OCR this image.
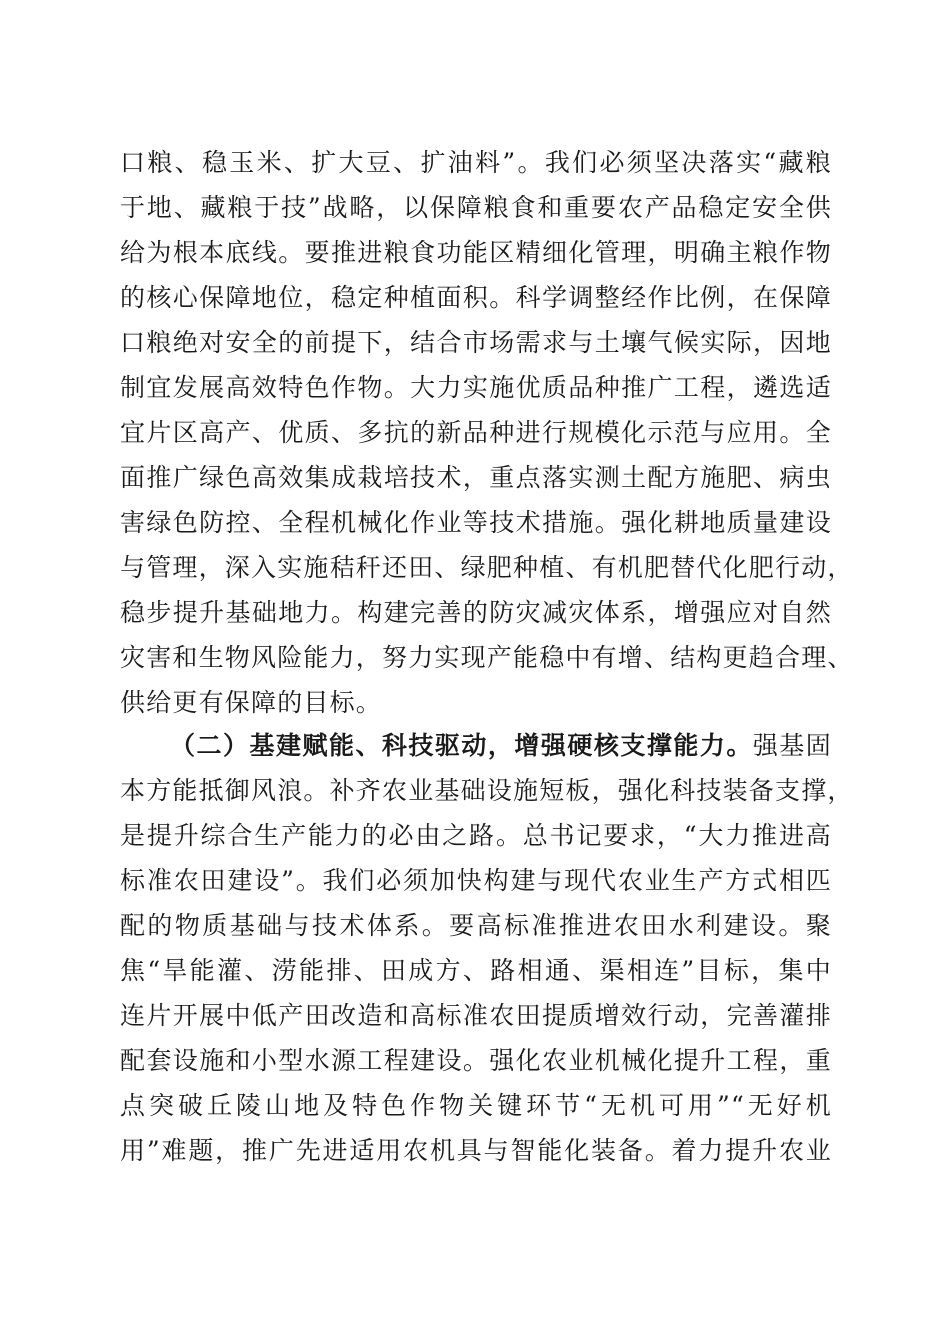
口粮、稳玉米、扩大豆、扩油料”。我们必须坚决落实“藏粮
于地、藏粮于技”战略，以保障粮食和重要农产品稳定安全供
给为根本底线。要推进粮食功能区精细化管理，明确主粮作物
的核心保障地位，稳定种植面积。科学调整经作比例，在保障
口粮绝对安全的前提下，结合市场需求与土壤气候实际，因地
制宜发展高效特色作物。大力实施优质品种推广工程，遴选适
宜片区高产、优质、多抗的新品种进行规模化示范与应用。全
面推广绿色高效集成栽培技术，重点落实测土配方施肥、病虫
害绿色防控、全程机械化作业等技术措施。强化耕地质量建设
与管理，深入实施秸秆还田、绿肥种植、有机肥替代化肥行动，
稳步提升基础地力。构建完善的防灾减灾体系，增强应对自然
灾害和生物风险能力，努力实现产能稳中有增、结构更趋合理、
供给更有保障的目标。
（二）基建赋能、科技驱动，增强硬核支撑能力。强基固
本方能抵御风浪。补齐农业基础设施短板，强化科技装备支撑，
是提升综合生产能力的必由之路。总书记要求，“大力推进高
标准农田建设”。我们必须加快构建与现代农业生产方式相匹
配的物质基础与技术体系。要高标准推进农田水利建设。聚
焦“旱能灌、涝能排、田成方、路相通、渠相连”目标，集中
连片开展中低产田改造和高标准农田提质增效行动，完善灌排
配套设施和小型水源工程建设。强化农业机械化提升工程，重
点突破丘陵山地及特色作物关键环节“无机可用”“无好机
用”难题，推广先进适用农机具与智能化装备。着力提升农业
